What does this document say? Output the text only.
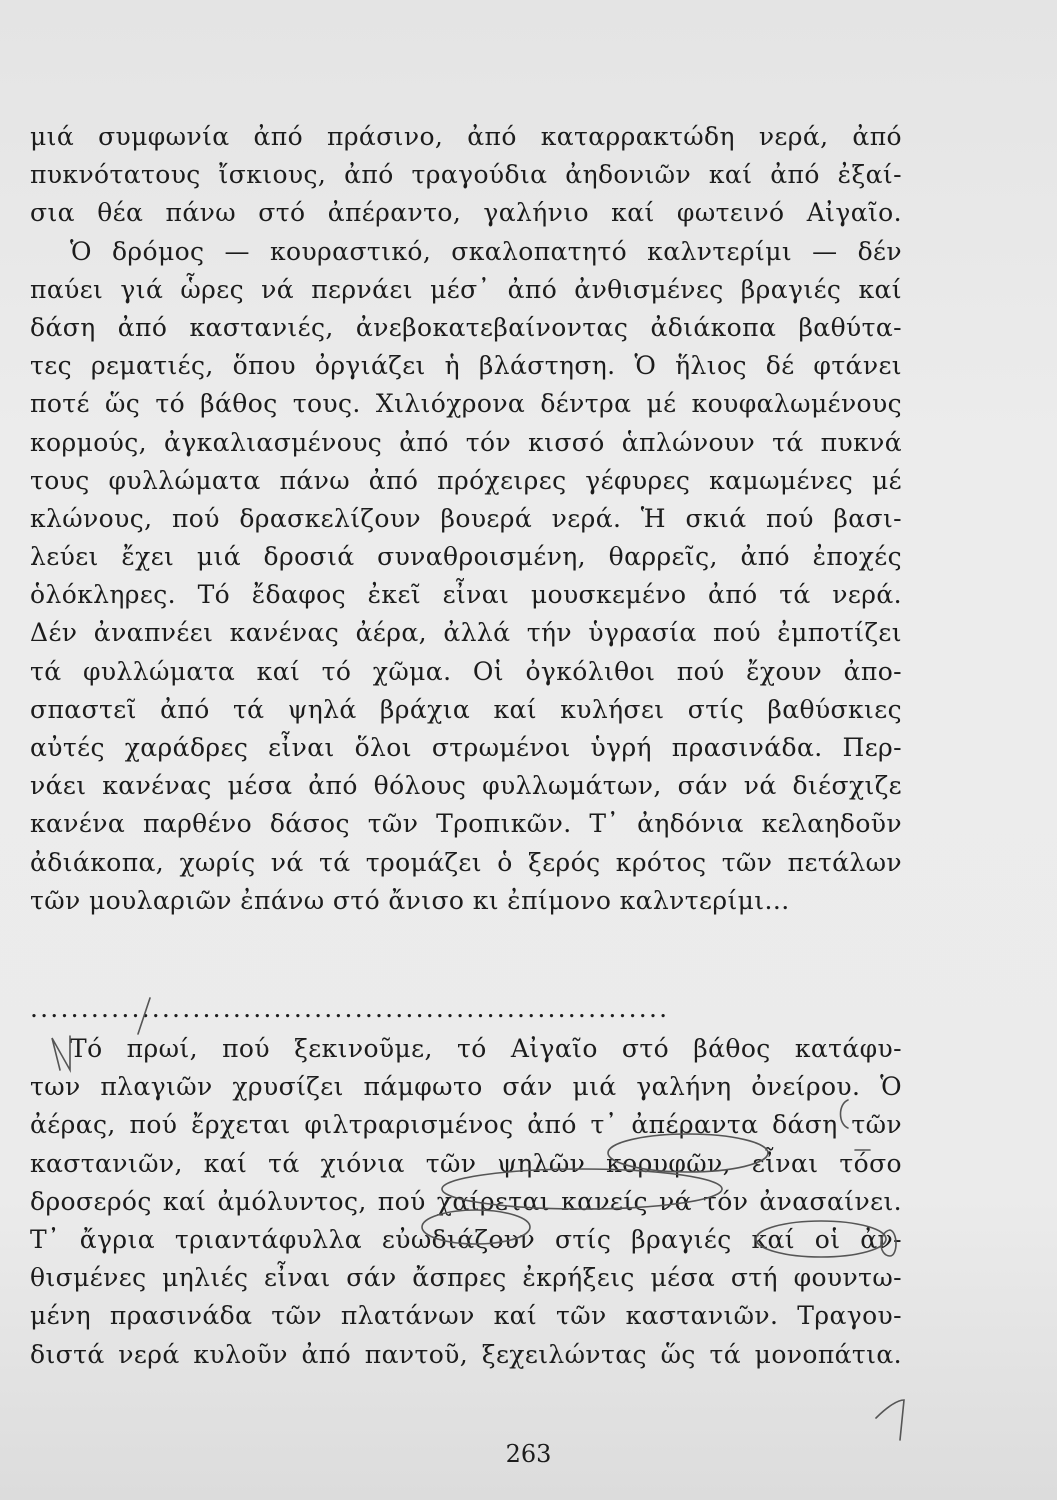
μιά συμφωνία ἀπό πράσινο, ἀπό καταρρακτώδη νερά, ἀπό
πυκνότατους ἴσκιους, ἀπό τραγούδια ἀηδονιῶν καί ἀπό ἐξαί-
σια θέα πάνω στό ἀπέραντο, γαλήνιο καί φωτεινό Αἰγαῖο.
Ὁ δρόμος — κουραστικό, σκαλοπατητό καλντερίμι — δέν
παύει γιά ὧρες νά περνάει μέσ᾽ ἀπό ἀνθισμένες βραγιές καί
δάση ἀπό καστανιές, ἀνεβοκατεβαίνοντας ἀδιάκοπα βαθύτα-
τες ρεματιές, ὅπου ὀργιάζει ἡ βλάστηση. Ὁ ἥλιος δέ φτάνει
ποτέ ὥς τό βάθος τους. Χιλιόχρονα δέντρα μέ κουφαλωμένους
κορμούς, ἀγκαλιασμένους ἀπό τόν κισσό ἁπλώνουν τά πυκνά
τους φυλλώματα πάνω ἀπό πρόχειρες γέφυρες καμωμένες μέ
κλώνους, πού δρασκελίζουν βουερά νερά. Ἡ σκιά πού βασι-
λεύει ἔχει μιά δροσιά συναθροισμένη, θαρρεῖς, ἀπό ἐποχές
ὁλόκληρες. Τό ἔδαφος ἐκεῖ εἶναι μουσκεμένο ἀπό τά νερά.
Δέν ἀναπνέει κανένας ἀέρα, ἀλλά τήν ὑγρασία πού ἐμποτίζει
τά φυλλώματα καί τό χῶμα. Οἱ ὀγκόλιθοι πού ἔχουν ἀπο-
σπαστεῖ ἀπό τά ψηλά βράχια καί κυλήσει στίς βαθύσκιες
αὐτές χαράδρες εἶναι ὅλοι στρωμένοι ὑγρή πρασινάδα. Περ-
νάει κανένας μέσα ἀπό θόλους φυλλωμάτων, σάν νά διέσχιζε
κανένα παρθένο δάσος τῶν Τροπικῶν. Τ᾽ ἀηδόνια κελαηδοῦν
ἀδιάκοπα, χωρίς νά τά τρομάζει ὁ ξερός κρότος τῶν πετάλων
τῶν μουλαριῶν ἐπάνω στό ἄνισο κι ἐπίμονο καλντερίμι...
...............................................................
Τό πρωί, πού ξεκινοῦμε, τό Αἰγαῖο στό βάθος κατάφυ-
των πλαγιῶν χρυσίζει πάμφωτο σάν μιά γαλήνη ὀνείρου. Ὁ
ἀέρας, πού ἔρχεται φιλτραρισμένος ἀπό τ᾽ ἀπέραντα δάση τῶν
καστανιῶν, καί τά χιόνια τῶν ψηλῶν κορυφῶν, εἶναι τόσο
δροσερός καί ἀμόλυντος, πού χαίρεται κανείς νά τόν ἀνασαίνει.
Τ᾽ ἄγρια τριαντάφυλλα εὐωδιάζουν στίς βραγιές καί οἱ ἀν-
θισμένες μηλιές εἶναι σάν ἄσπρες ἐκρήξεις μέσα στή φουντω-
μένη πρασινάδα τῶν πλατάνων καί τῶν καστανιῶν. Τραγου-
διστά νερά κυλοῦν ἀπό παντοῦ, ξεχειλώντας ὥς τά μονοπάτια.
263
